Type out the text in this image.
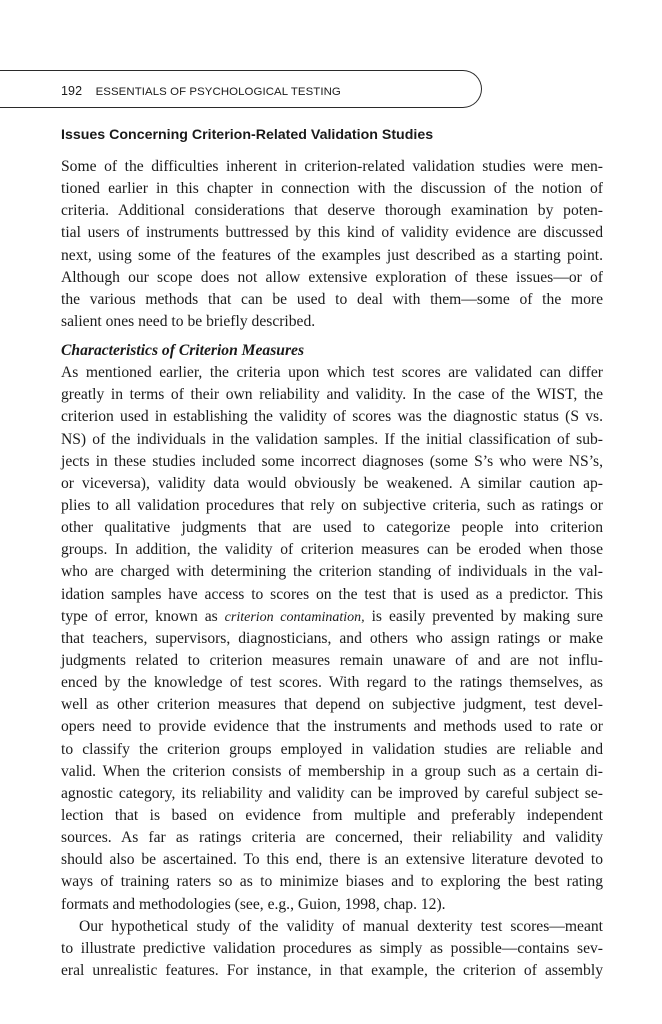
192 ESSENTIALS OF PSYCHOLOGICAL TESTING
Issues Concerning Criterion-Related Validation Studies
Some of the difficulties inherent in criterion-related validation studies were men-
tioned earlier in this chapter in connection with the discussion of the notion of
criteria. Additional considerations that deserve thorough examination by poten-
tial users of instruments buttressed by this kind of validity evidence are discussed
next, using some of the features of the examples just described as a starting point.
Although our scope does not allow extensive exploration of these issues—or of
the various methods that can be used to deal with them—some of the more
salient ones need to be briefly described.
Characteristics of Criterion Measures
As mentioned earlier, the criteria upon which test scores are validated can differ
greatly in terms of their own reliability and validity. In the case of the WIST, the
criterion used in establishing the validity of scores was the diagnostic status (S vs.
NS) of the individuals in the validation samples. If the initial classification of sub-
jects in these studies included some incorrect diagnoses (some S’s who were NS’s,
or viceversa), validity data would obviously be weakened. A similar caution ap-
plies to all validation procedures that rely on subjective criteria, such as ratings or
other qualitative judgments that are used to categorize people into criterion
groups. In addition, the validity of criterion measures can be eroded when those
who are charged with determining the criterion standing of individuals in the val-
idation samples have access to scores on the test that is used as a predictor. This
type of error, known as criterion contamination, is easily prevented by making sure
that teachers, supervisors, diagnosticians, and others who assign ratings or make
judgments related to criterion measures remain unaware of and are not influ-
enced by the knowledge of test scores. With regard to the ratings themselves, as
well as other criterion measures that depend on subjective judgment, test devel-
opers need to provide evidence that the instruments and methods used to rate or
to classify the criterion groups employed in validation studies are reliable and
valid. When the criterion consists of membership in a group such as a certain di-
agnostic category, its reliability and validity can be improved by careful subject se-
lection that is based on evidence from multiple and preferably independent
sources. As far as ratings criteria are concerned, their reliability and validity
should also be ascertained. To this end, there is an extensive literature devoted to
ways of training raters so as to minimize biases and to exploring the best rating
formats and methodologies (see, e.g., Guion, 1998, chap. 12).
Our hypothetical study of the validity of manual dexterity test scores—meant
to illustrate predictive validation procedures as simply as possible—contains sev-
eral unrealistic features. For instance, in that example, the criterion of assembly
